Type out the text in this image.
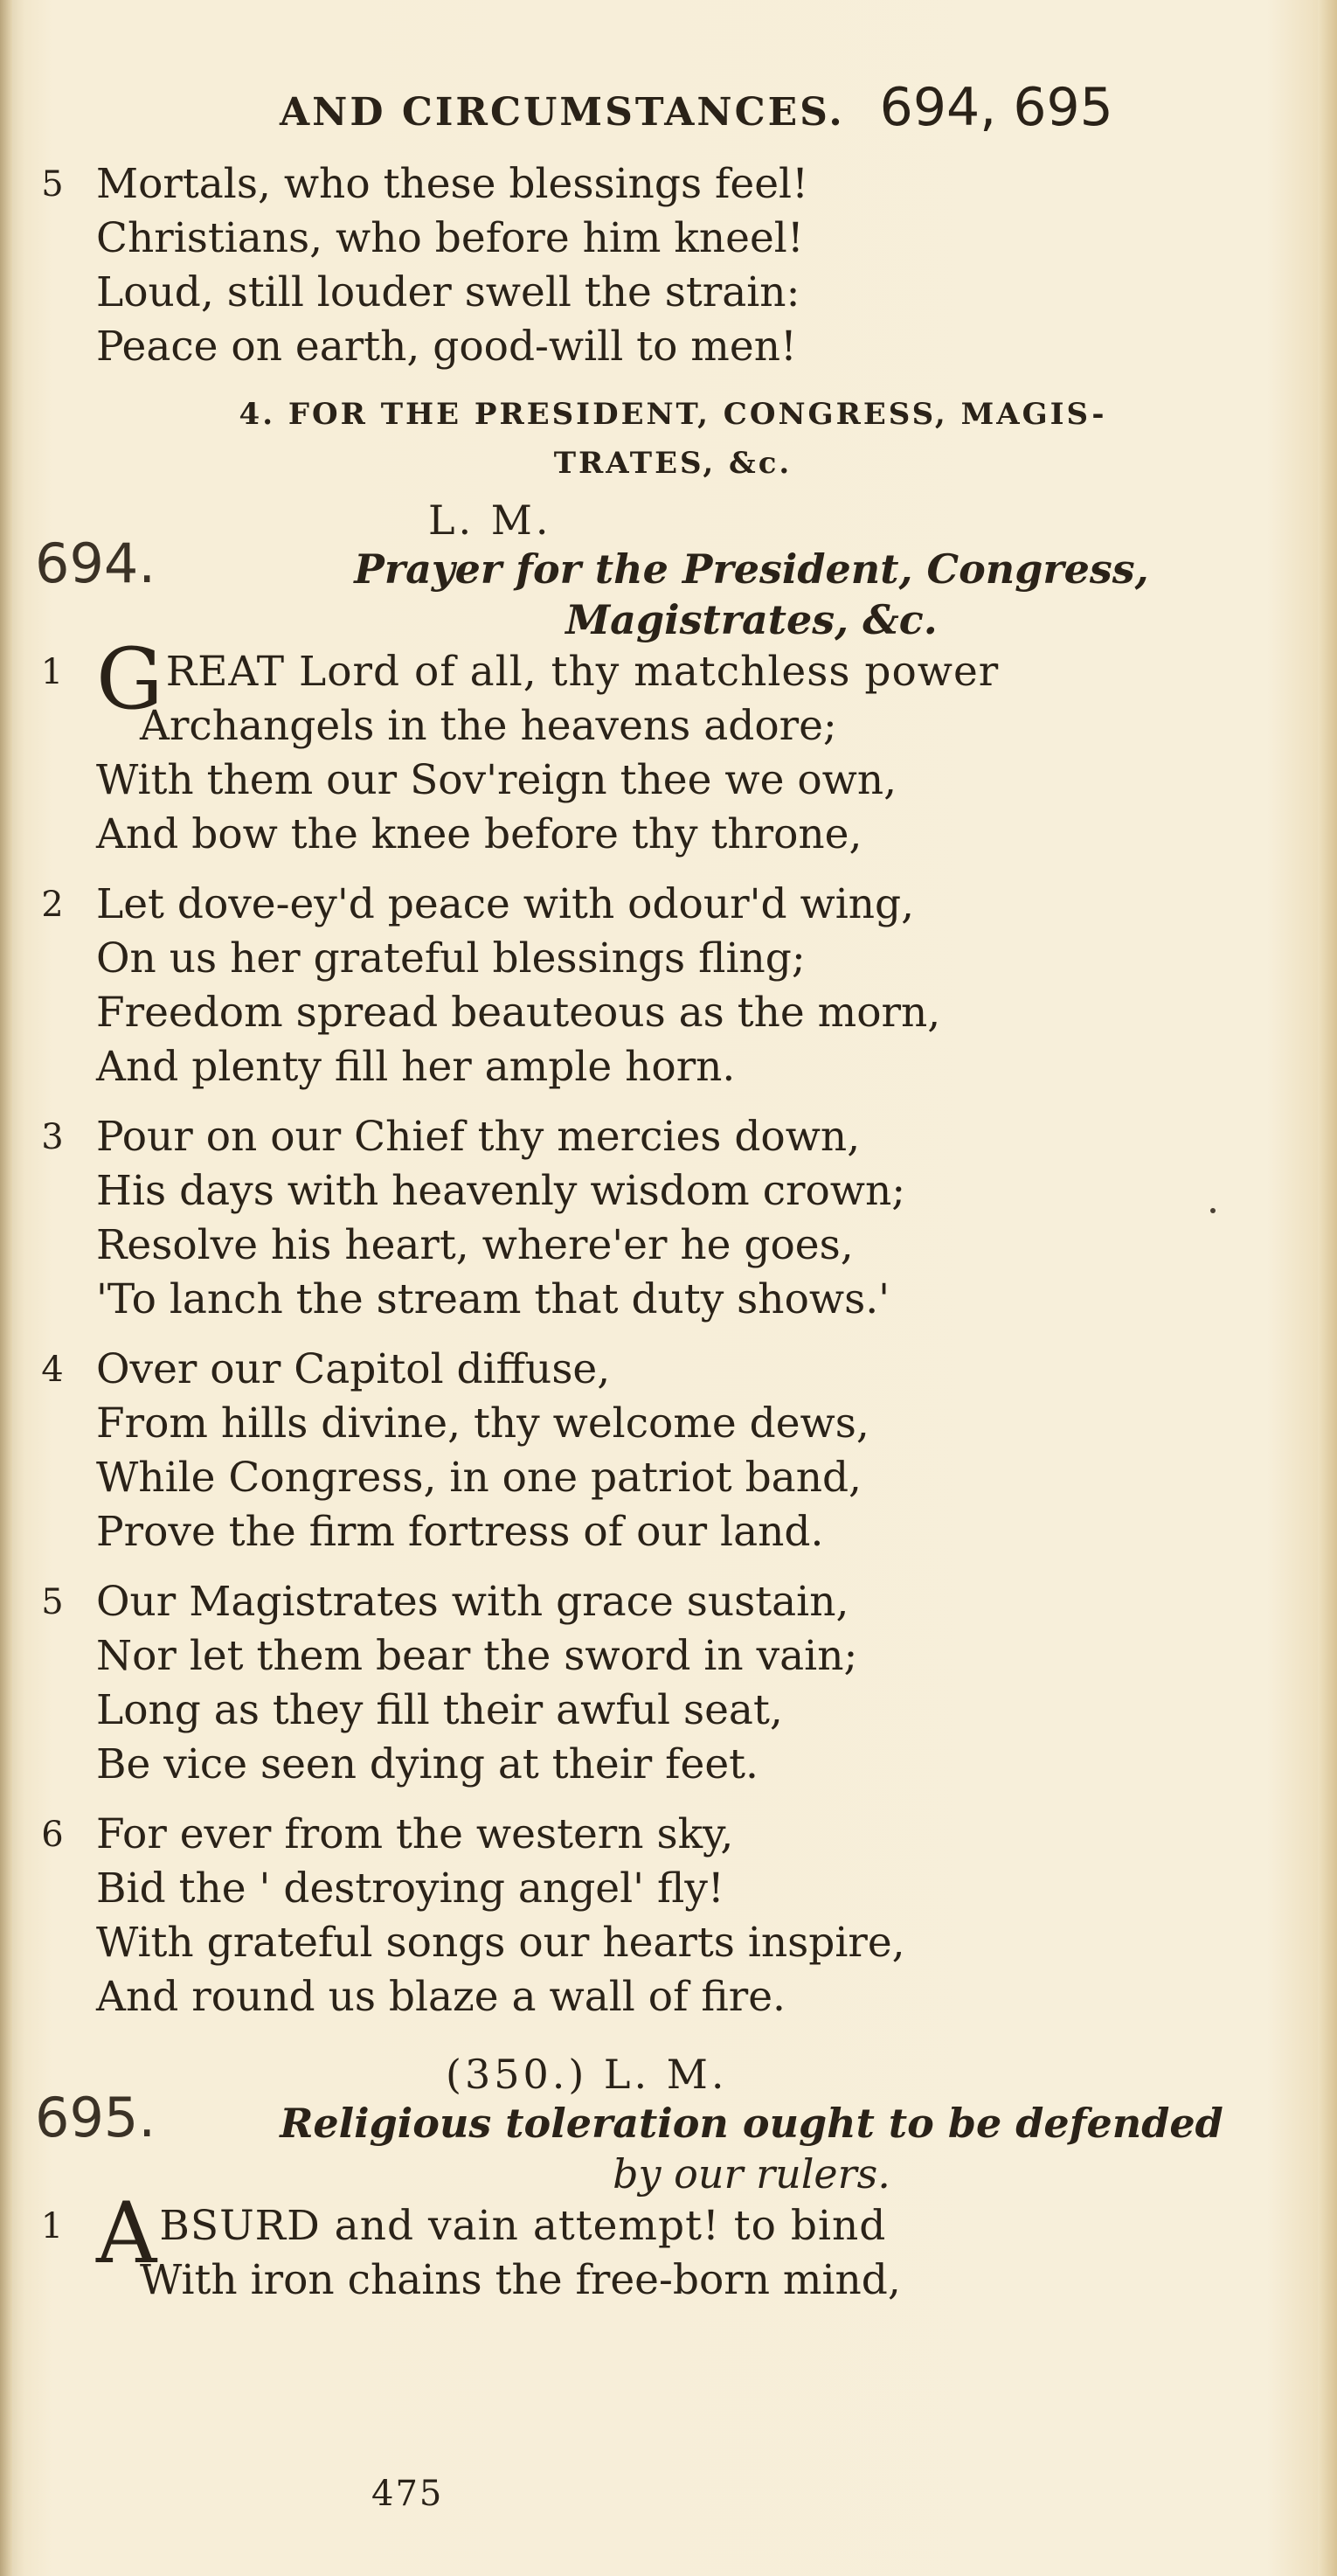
AND CIRCUMSTANCES. 694, 695
5 Mortals, who these blessings feel!
Christians, who before him kneel!
Loud, still louder swell the strain:
Peace on earth, good-will to men!
4. FOR THE PRESIDENT, CONGRESS, MAGIS-
TRATES, &c.
694.
L. M.
Prayer for the President, Congress,
Magistrates, &c.
1 GREAT Lord of all, thy matchless power
Archangels in the heavens adore;
With them our Sov'reign thee we own,
And bow the knee before thy throne,
2 Let dove-ey'd peace with odour'd wing,
On us her grateful blessings fling;
Freedom spread beauteous as the morn,
And plenty fill her ample horn.
3 Pour on our Chief thy mercies down,
His days with heavenly wisdom crown;
Resolve his heart, where'er he goes,
'To lanch the stream that duty shows.'
4 Over our Capitol diffuse,
From hills divine, thy welcome dews,
While Congress, in one patriot band,
Prove the firm fortress of our land.
5 Our Magistrates with grace sustain,
Nor let them bear the sword in vain;
Long as they fill their awful seat,
Be vice seen dying at their feet.
6 For ever from the western sky,
Bid the ' destroying angel' fly!
With grateful songs our hearts inspire,
And round us blaze a wall of fire.
695.
(350.) L. M.
Religious toleration ought to be defended
by our rulers.
1 ABSURD and vain attempt! to bind
With iron chains the free-born mind,
475
